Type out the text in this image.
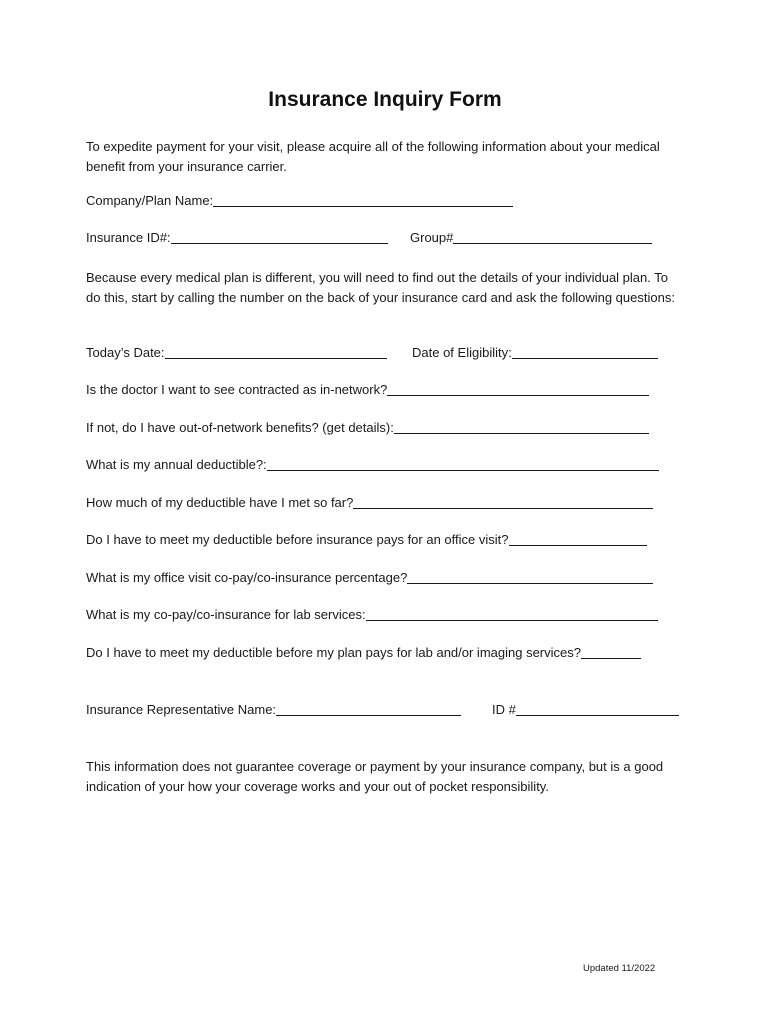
Insurance Inquiry Form

To expedite payment for your visit, please acquire all of the following information about your medical benefit from your insurance carrier.

Company/Plan Name:
Insurance ID#:	Group#

Because every medical plan is different, you will need to find out the details of your individual plan. To do this, start by calling the number on the back of your insurance card and ask the following questions:

Today’s Date:	Date of Eligibility:
Is the doctor I want to see contracted as in-network?
If not, do I have out-of-network benefits? (get details):
What is my annual deductible?:
How much of my deductible have I met so far?
Do I have to meet my deductible before insurance pays for an office visit?
What is my office visit co-pay/co-insurance percentage?
What is my co-pay/co-insurance for lab services:
Do I have to meet my deductible before my plan pays for lab and/or imaging services?
Insurance Representative Name:	ID #

This information does not guarantee coverage or payment by your insurance company, but is a good indication of your how your coverage works and your out of pocket responsibility.

Updated 11/2022
